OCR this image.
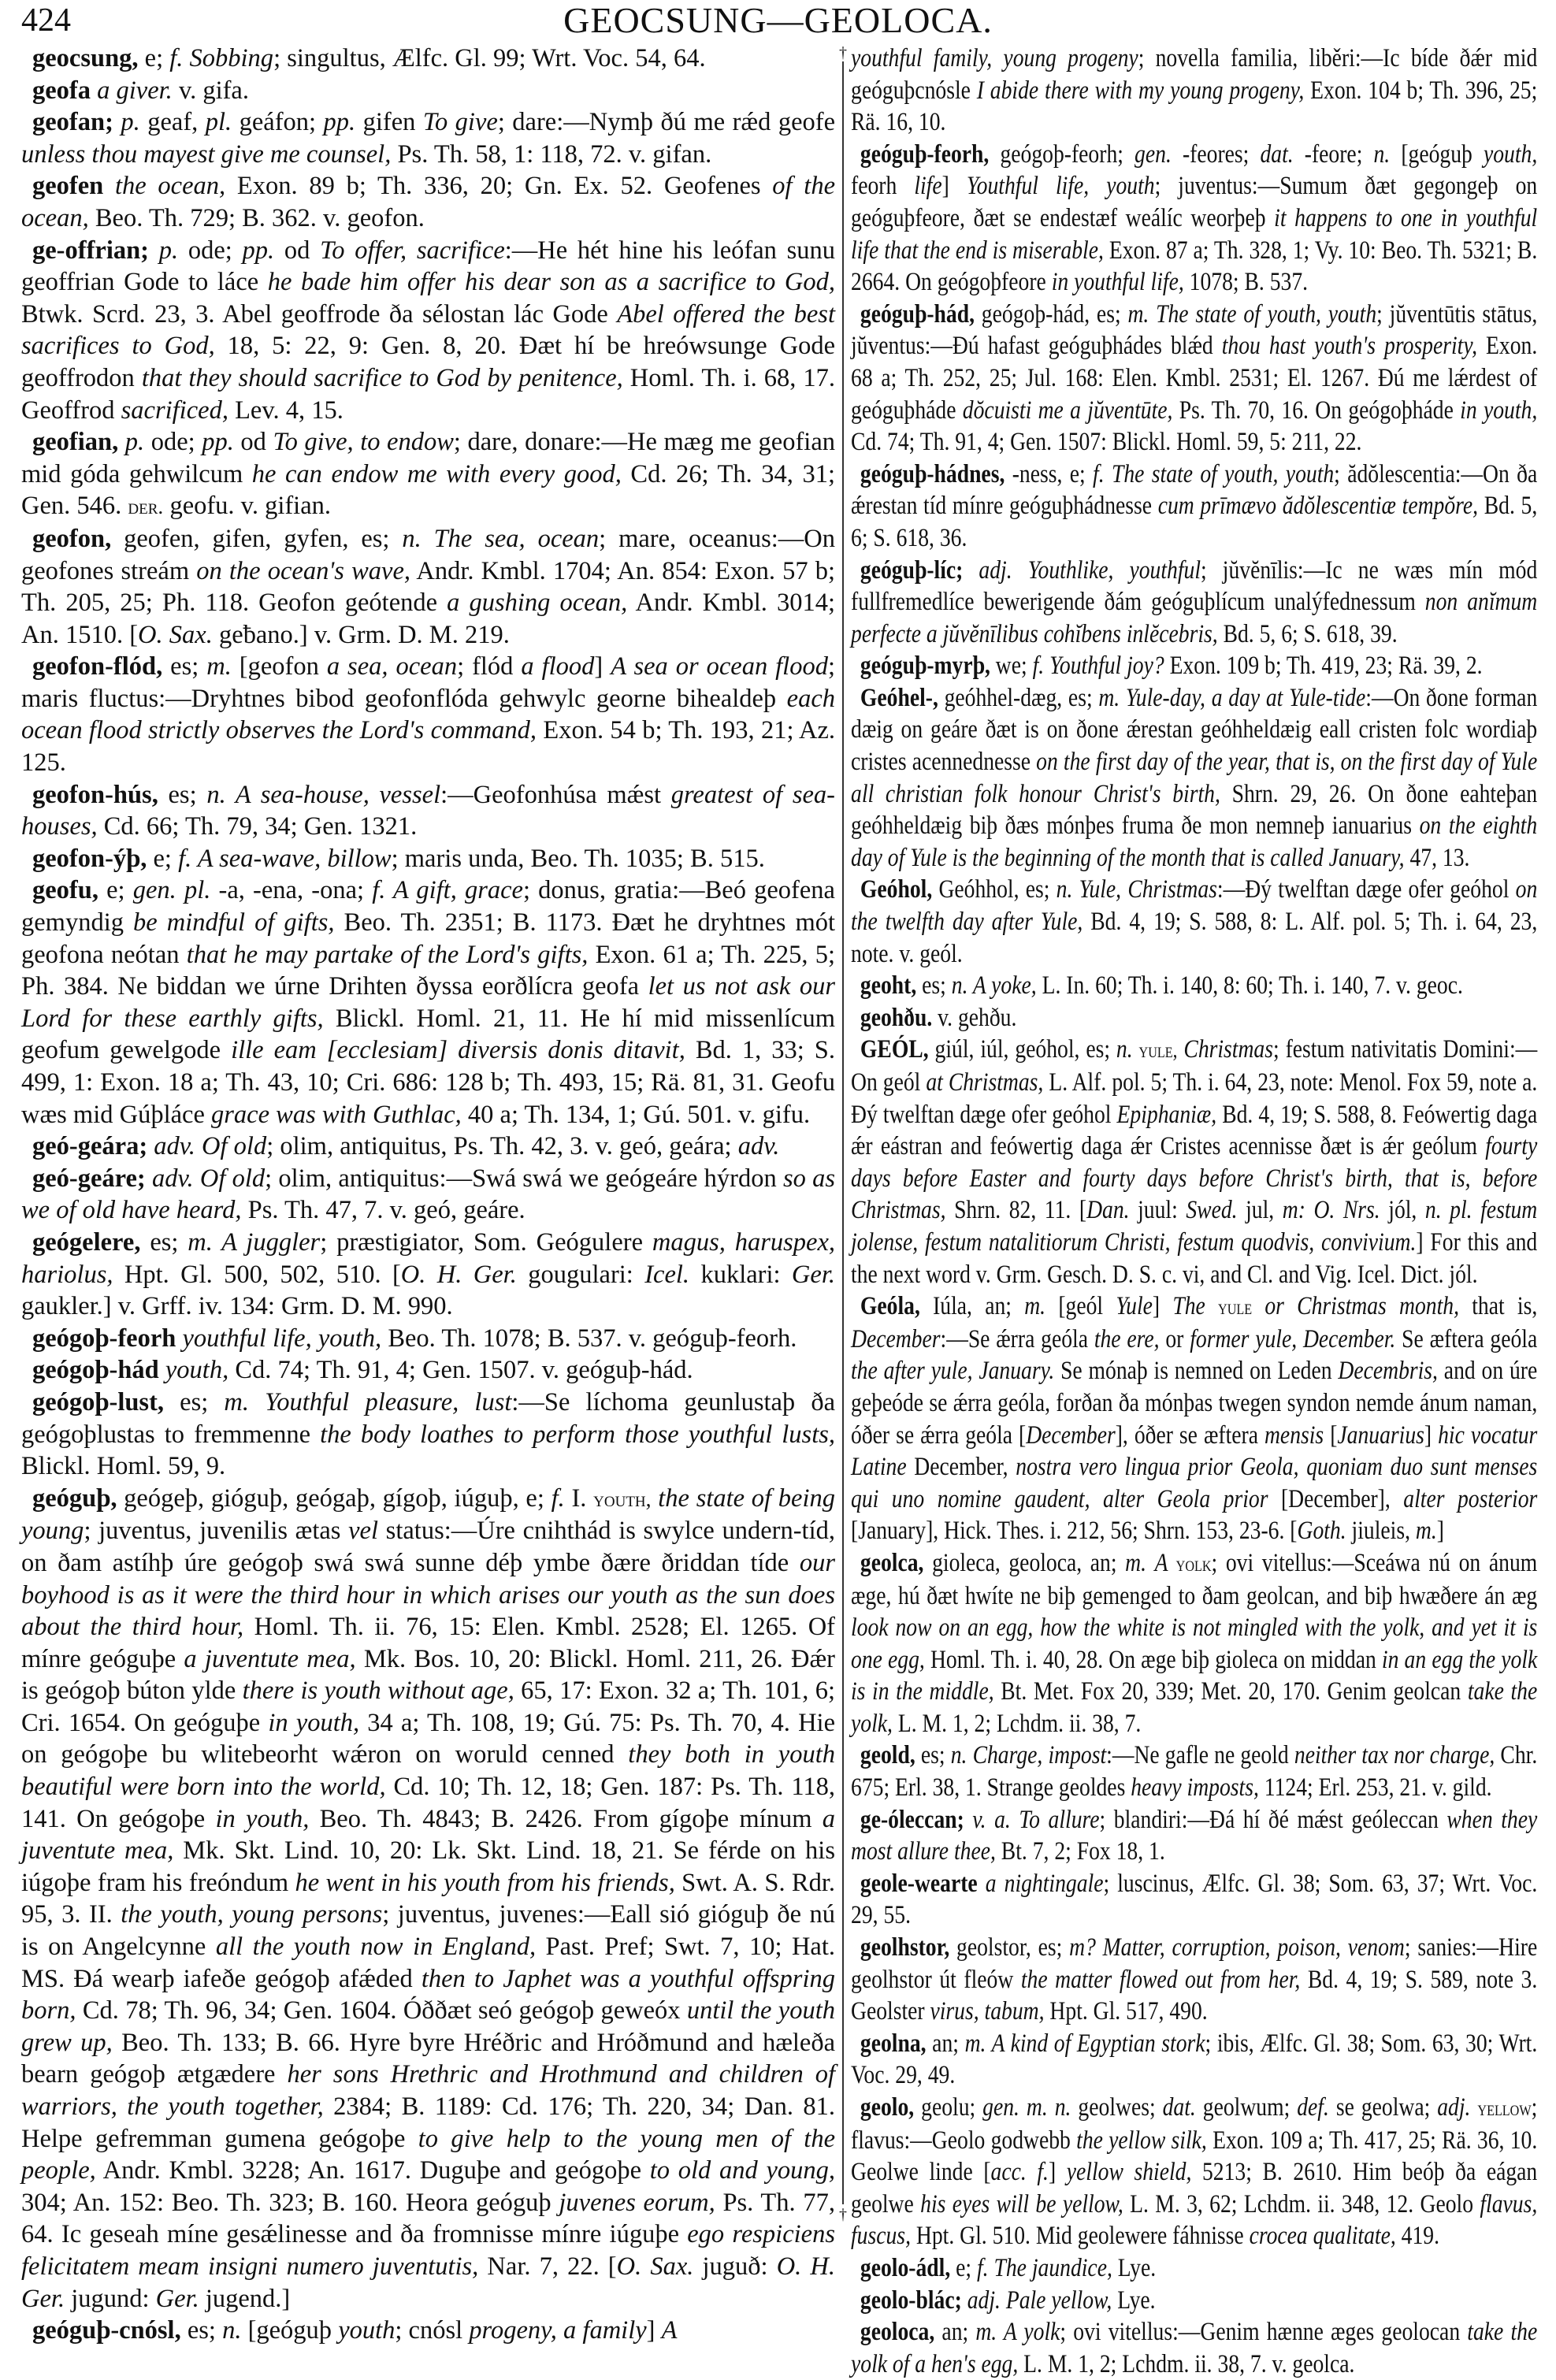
424	GEOCSUNG—GEOLOCA.

geocsung, e; f. Sobbing; singultus, Ælfc. Gl. 99; Wrt. Voc. 54, 64.

geofa a giver. v. gifa.

geofan; p. geaf, pl. geáfon; pp. gifen To give; dare:—Nymþ ðú me rǽd geofe unless thou mayest give me counsel, Ps. Th. 58, 1: 118, 72. v. gifan.

geofen the ocean, Exon. 89 b; Th. 336, 20; Gn. Ex. 52. Geofenes of the ocean, Beo. Th. 729; B. 362. v. geofon.

ge-offrian; p. ode; pp. od To offer, sacrifice:—He hét hine his leófan sunu geoffrian Gode to láce he bade him offer his dear son as a sacrifice to God, Btwk. Scrd. 23, 3. Abel geoffrode ða sélostan lác Gode Abel offered the best sacrifices to God, 18, 5: 22, 9: Gen. 8, 20. Ðæt hí be hreówsunge Gode geoffrodon that they should sacrifice to God by penitence, Homl. Th. i. 68, 17. Geoffrod sacrificed, Lev. 4, 15.

geofian, p. ode; pp. od To give, to endow; dare, donare:—He mæg me geofian mid góda gehwilcum he can endow me with every good, Cd. 26; Th. 34, 31; Gen. 546. der. geofu. v. gifian.

geofon, geofen, gifen, gyfen, es; n. The sea, ocean; mare, oceanus:—On geofones streám on the ocean's wave, Andr. Kmbl. 1704; An. 854: Exon. 57 b; Th. 205, 25; Ph. 118. Geofon geótende a gushing ocean, Andr. Kmbl. 3014; An. 1510. [O. Sax. geƀano.] v. Grm. D. M. 219.

geofon-flód, es; m. [geofon a sea, ocean; flód a flood] A sea or ocean flood; maris fluctus:—Dryhtnes bibod geofonflóda gehwylc georne bihealdeþ each ocean flood strictly observes the Lord's command, Exon. 54 b; Th. 193, 21; Az. 125.

geofon-hús, es; n. A sea-house, vessel:—Geofonhúsa mǽst greatest of sea-houses, Cd. 66; Th. 79, 34; Gen. 1321.

geofon-ýþ, e; f. A sea-wave, billow; maris unda, Beo. Th. 1035; B. 515.

geofu, e; gen. pl. -a, -ena, -ona; f. A gift, grace; donus, gratia:—Beó geofena gemyndig be mindful of gifts, Beo. Th. 2351; B. 1173. Ðæt he dryhtnes mót geofona neótan that he may partake of the Lord's gifts, Exon. 61 a; Th. 225, 5; Ph. 384. Ne biddan we úrne Drihten ðyssa eorðlícra geofa let us not ask our Lord for these earthly gifts, Blickl. Homl. 21, 11. He hí mid missenlícum geofum gewelgode ille eam [ecclesiam] diversis donis ditavit, Bd. 1, 33; S. 499, 1: Exon. 18 a; Th. 43, 10; Cri. 686: 128 b; Th. 493, 15; Rä. 81, 31. Geofu wæs mid Gúþláce grace was with Guthlac, 40 a; Th. 134, 1; Gú. 501. v. gifu.

geó-geára; adv. Of old; olim, antiquitus, Ps. Th. 42, 3. v. geó, geára; adv.

geó-geáre; adv. Of old; olim, antiquitus:—Swá swá we geógeáre hýrdon so as we of old have heard, Ps. Th. 47, 7. v. geó, geáre.

geógelere, es; m. A juggler; præstigiator, Som. Geógulere magus, haruspex, hariolus, Hpt. Gl. 500, 502, 510. [O. H. Ger. gougulari: Icel. kuklari: Ger. gaukler.] v. Grff. iv. 134: Grm. D. M. 990.

geógoþ-feorh youthful life, youth, Beo. Th. 1078; B. 537. v. geóguþ-feorh.

geógoþ-hád youth, Cd. 74; Th. 91, 4; Gen. 1507. v. geóguþ-hád.

geógoþ-lust, es; m. Youthful pleasure, lust:—Se líchoma geunlustaþ ða geógoþlustas to fremmenne the body loathes to perform those youthful lusts, Blickl. Homl. 59, 9.

geóguþ, geógeþ, gióguþ, geógaþ, gígoþ, iúguþ, e; f. I. youth, the state of being young; juventus, juvenilis ætas vel status:—Úre cnihthád is swylce undern-tíd, on ðam astíhþ úre geógoþ swá swá sunne déþ ymbe ðære ðriddan tíde our boyhood is as it were the third hour in which arises our youth as the sun does about the third hour, Homl. Th. ii. 76, 15: Elen. Kmbl. 2528; El. 1265. Of mínre geóguþe a juventute mea, Mk. Bos. 10, 20: Blickl. Homl. 211, 26. Ðǽr is geógoþ búton ylde there is youth without age, 65, 17: Exon. 32 a; Th. 101, 6; Cri. 1654. On geóguþe in youth, 34 a; Th. 108, 19; Gú. 75: Ps. Th. 70, 4. Hie on geógoþe bu wlitebeorht wǽron on woruld cenned they both in youth beautiful were born into the world, Cd. 10; Th. 12, 18; Gen. 187: Ps. Th. 118, 141. On geógoþe in youth, Beo. Th. 4843; B. 2426. From gígoþe mínum a juventute mea, Mk. Skt. Lind. 10, 20: Lk. Skt. Lind. 18, 21. Se férde on his iúgoþe fram his freóndum he went in his youth from his friends, Swt. A. S. Rdr. 95, 3. II. the youth, young persons; juventus, juvenes:—Eall sió gióguþ ðe nú is on Angelcynne all the youth now in England, Past. Pref; Swt. 7, 10; Hat. MS. Ðá wearþ iafeðe geógoþ afǽded then to Japhet was a youthful offspring born, Cd. 78; Th. 96, 34; Gen. 1604. Óððæt seó geógoþ geweóx until the youth grew up, Beo. Th. 133; B. 66. Hyre byre Hréðric and Hróðmund and hæleða bearn geógoþ ætgædere her sons Hrethric and Hrothmund and children of warriors, the youth together, 2384; B. 1189: Cd. 176; Th. 220, 34; Dan. 81. Helpe gefremman gumena geógoþe to give help to the young men of the people, Andr. Kmbl. 3228; An. 1617. Duguþe and geógoþe to old and young, 304; An. 152: Beo. Th. 323; B. 160. Heora geóguþ juvenes eorum, Ps. Th. 77, 64. Ic geseah míne gesǽlinesse and ða fromnisse mínre iúguþe ego respiciens felicitatem meam insigni numero juventutis, Nar. 7, 22. [O. Sax. juguð: O. H. Ger. jugund: Ger. jugend.]

geóguþ-cnósl, es; n. [geóguþ youth; cnósl progeny, a family] A

†
†

youthful family, young progeny; novella familia, liběri:—Ic bíde ðǽr mid geóguþcnósle I abide there with my young progeny, Exon. 104 b; Th. 396, 25; Rä. 16, 10.

geóguþ-feorh, geógoþ-feorh; gen. -feores; dat. -feore; n. [geóguþ youth, feorh life] Youthful life, youth; juventus:—Sumum ðæt gegongeþ on geóguþfeore, ðæt se endestæf weálíc weorþeþ it happens to one in youthful life that the end is miserable, Exon. 87 a; Th. 328, 1; Vy. 10: Beo. Th. 5321; B. 2664. On geógoþfeore in youthful life, 1078; B. 537.

geóguþ-hád, geógoþ-hád, es; m. The state of youth, youth; jŭventūtis stātus, jŭventus:—Ðú hafast geóguþhádes blǽd thou hast youth's prosperity, Exon. 68 a; Th. 252, 25; Jul. 168: Elen. Kmbl. 2531; El. 1267. Ðú me lǽrdest of geóguþháde dŏcuisti me a jŭventūte, Ps. Th. 70, 16. On geógoþháde in youth, Cd. 74; Th. 91, 4; Gen. 1507: Blickl. Homl. 59, 5: 211, 22.

geóguþ-hádnes, -ness, e; f. The state of youth, youth; ădŏlescentia:—On ða ǽrestan tíd mínre geóguþhádnesse cum prīmævo ădŏlescentiæ tempŏre, Bd. 5, 6; S. 618, 36.

geóguþ-líc; adj. Youthlike, youthful; jŭvĕnīlis:—Ic ne wæs mín mód fullfremedlíce bewerigende ðám geóguþlícum unalýfednessum non anĭmum perfecte a jŭvĕnīlibus cohĭbens inlĕcebris, Bd. 5, 6; S. 618, 39.

geóguþ-myrþ, we; f. Youthful joy? Exon. 109 b; Th. 419, 23; Rä. 39, 2.

Geóhel-, geóhhel-dæg, es; m. Yule-day, a day at Yule-tide:—On ðone forman dæig on geáre ðæt is on ðone ǽrestan geóhheldæig eall cristen folc wordiaþ cristes acennednesse on the first day of the year, that is, on the first day of Yule all christian folk honour Christ's birth, Shrn. 29, 26. On ðone eahteþan geóhheldæig biþ ðæs mónþes fruma ðe mon nemneþ ianuarius on the eighth day of Yule is the beginning of the month that is called January, 47, 13.

Geóhol, Geóhhol, es; n. Yule, Christmas:—Ðý twelftan dæge ofer geóhol on the twelfth day after Yule, Bd. 4, 19; S. 588, 8: L. Alf. pol. 5; Th. i. 64, 23, note. v. geól.

geoht, es; n. A yoke, L. In. 60; Th. i. 140, 8: 60; Th. i. 140, 7. v. geoc.

geohðu. v. gehðu.

GEÓL, giúl, iúl, geóhol, es; n. yule, Christmas; festum nativitatis Domini:—On geól at Christmas, L. Alf. pol. 5; Th. i. 64, 23, note: Menol. Fox 59, note a. Ðý twelftan dæge ofer geóhol Epiphaniæ, Bd. 4, 19; S. 588, 8. Feówertig daga ǽr eástran and feówertig daga ǽr Cristes acennisse ðæt is ǽr geólum fourty days before Easter and fourty days before Christ's birth, that is, before Christmas, Shrn. 82, 11. [Dan. juul: Swed. jul, m: O. Nrs. jól, n. pl. festum jolense, festum natalitiorum Christi, festum quodvis, convivium.] For this and the next word v. Grm. Gesch. D. S. c. vi, and Cl. and Vig. Icel. Dict. jól.

Geóla, Iúla, an; m. [geól Yule] The yule or Christmas month, that is, December:—Se ǽrra geóla the ere, or former yule, December. Se æftera geóla the after yule, January. Se mónaþ is nemned on Leden Decembris, and on úre geþeóde se ǽrra geóla, forðan ða mónþas twegen syndon nemde ánum naman, óðer se ǽrra geóla [December], óðer se æftera mensis [Januarius] hic vocatur Latine December, nostra vero lingua prior Geola, quoniam duo sunt menses qui uno nomine gaudent, alter Geola prior [December], alter posterior [January], Hick. Thes. i. 212, 56; Shrn. 153, 23-6. [Goth. jiuleis, m.]

geolca, gioleca, geoloca, an; m. A yolk; ovi vitellus:—Sceáwa nú on ánum æge, hú ðæt hwíte ne biþ gemenged to ðam geolcan, and biþ hwæðere án æg look now on an egg, how the white is not mingled with the yolk, and yet it is one egg, Homl. Th. i. 40, 28. On æge biþ gioleca on middan in an egg the yolk is in the middle, Bt. Met. Fox 20, 339; Met. 20, 170. Genim geolcan take the yolk, L. M. 1, 2; Lchdm. ii. 38, 7.

geold, es; n. Charge, impost:—Ne gafle ne geold neither tax nor charge, Chr. 675; Erl. 38, 1. Strange geoldes heavy imposts, 1124; Erl. 253, 21. v. gild.

ge-óleccan; v. a. To allure; blandiri:—Ðá hí ðé mǽst geóleccan when they most allure thee, Bt. 7, 2; Fox 18, 1.

geole-wearte a nightingale; luscinus, Ælfc. Gl. 38; Som. 63, 37; Wrt. Voc. 29, 55.

geolhstor, geolstor, es; m? Matter, corruption, poison, venom; sanies:—Hire geolhstor út fleów the matter flowed out from her, Bd. 4, 19; S. 589, note 3. Geolster virus, tabum, Hpt. Gl. 517, 490.

geolna, an; m. A kind of Egyptian stork; ibis, Ælfc. Gl. 38; Som. 63, 30; Wrt. Voc. 29, 49.

geolo, geolu; gen. m. n. geolwes; dat. geolwum; def. se geolwa; adj. yellow; flavus:—Geolo godwebb the yellow silk, Exon. 109 a; Th. 417, 25; Rä. 36, 10. Geolwe linde [acc. f.] yellow shield, 5213; B. 2610. Him beóþ ða eágan geolwe his eyes will be yellow, L. M. 3, 62; Lchdm. ii. 348, 12. Geolo flavus, fuscus, Hpt. Gl. 510. Mid geolewere fáhnisse crocea qualitate, 419.

geolo-ádl, e; f. The jaundice, Lye.

geolo-blác; adj. Pale yellow, Lye.

geoloca, an; m. A yolk; ovi vitellus:—Genim hænne æges geolocan take the yolk of a hen's egg, L. M. 1, 2; Lchdm. ii. 38, 7. v. geolca.
